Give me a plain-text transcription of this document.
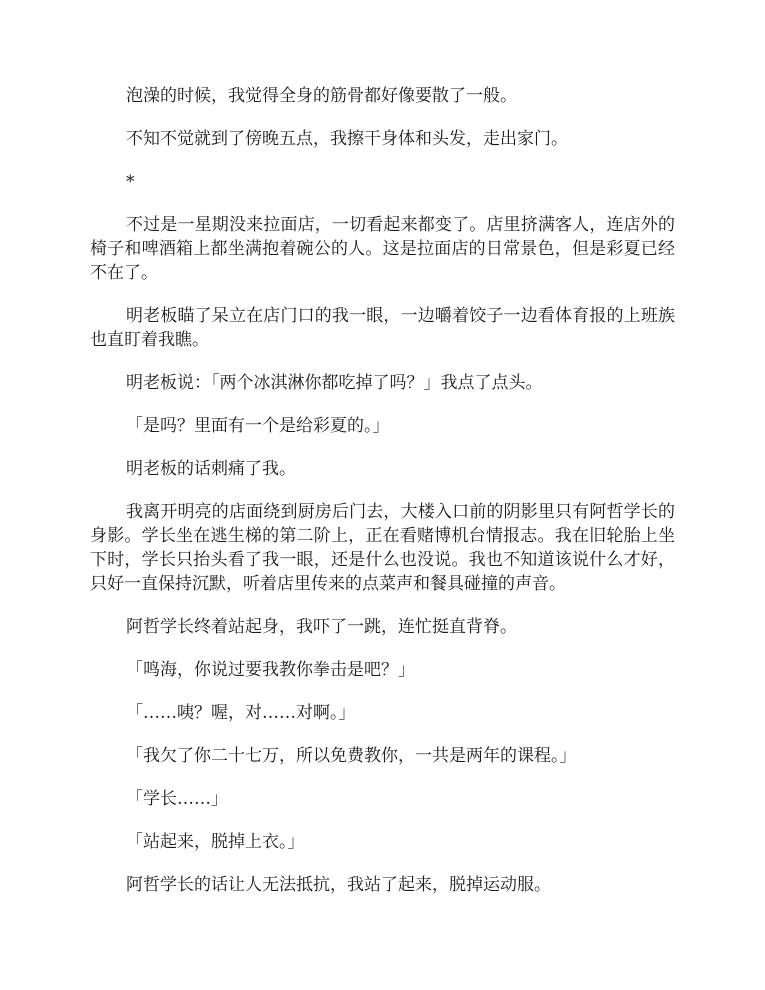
泡澡的时候，我觉得全身的筋骨都好像要散了一般。

不知不觉就到了傍晚五点，我擦干身体和头发，走出家门。

*

不过是一星期没来拉面店，一切看起来都变了。店里挤满客人，连店外的椅子和啤酒箱上都坐满抱着碗公的人。这是拉面店的日常景色，但是彩夏已经不在了。

明老板瞄了呆立在店门口的我一眼，一边嚼着饺子一边看体育报的上班族也直盯着我瞧。

明老板说：「两个冰淇淋你都吃掉了吗？」我点了点头。

「是吗？里面有一个是给彩夏的。」

明老板的话刺痛了我。

我离开明亮的店面绕到厨房后门去，大楼入口前的阴影里只有阿哲学长的身影。学长坐在逃生梯的第二阶上，正在看赌博机台情报志。我在旧轮胎上坐下时，学长只抬头看了我一眼，还是什么也没说。我也不知道该说什么才好，只好一直保持沉默，听着店里传来的点菜声和餐具碰撞的声音。

阿哲学长终着站起身，我吓了一跳，连忙挺直背脊。

「鸣海，你说过要我教你拳击是吧？」

「……咦？喔，对……对啊。」

「我欠了你二十七万，所以免费教你，一共是两年的课程。」

「学长……」

「站起来，脱掉上衣。」

阿哲学长的话让人无法抵抗，我站了起来，脱掉运动服。
